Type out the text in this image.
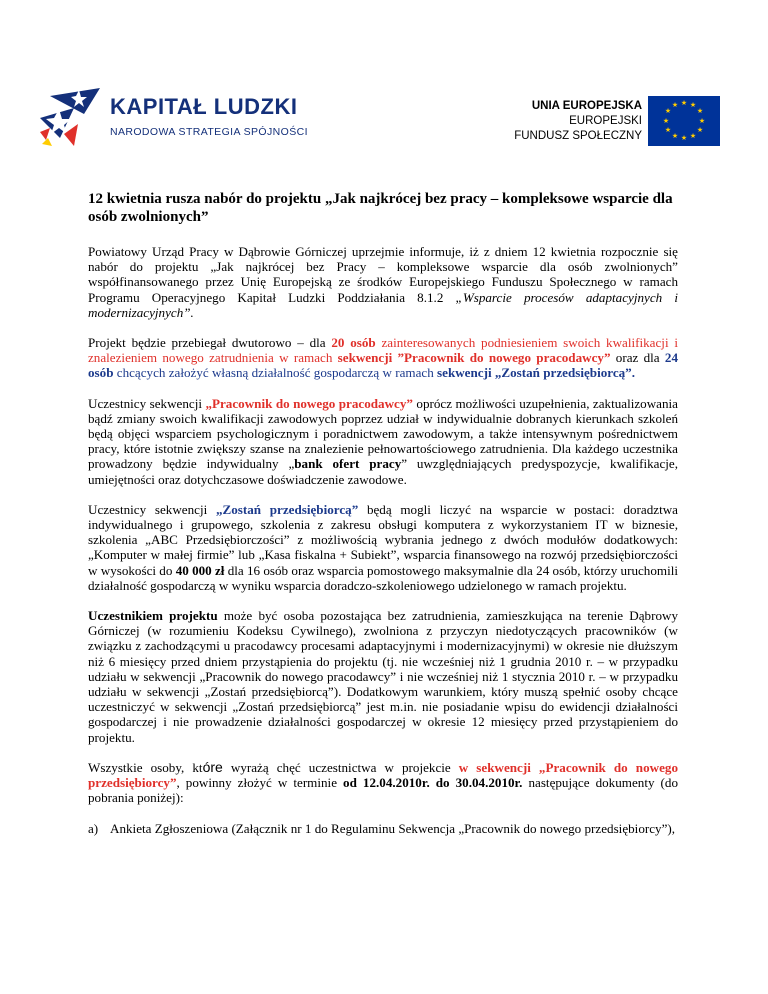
KAPITAŁ LUDZKI
NARODOWA STRATEGIA SPÓJNOŚCI
UNIA EUROPEJSKA
EUROPEJSKI
FUNDUSZ SPOŁECZNY
★ ★
★
★
★
★
★
★
★
★
★
★
12 kwietnia rusza nabór do projektu „Jak najkrócej bez pracy – kompleksowe wsparcie dla osób zwolnionych”

Powiatowy Urząd Pracy w Dąbrowie Górniczej uprzejmie informuje, iż z dniem 12 kwietnia rozpocznie się nabór do projektu „Jak najkrócej bez Pracy – kompleksowe wsparcie dla osób zwolnionych” współfinansowanego przez Unię Europejską ze środków Europejskiego Funduszu Społecznego w ramach Programu Operacyjnego Kapitał Ludzki Poddziałania 8.1.2 „Wsparcie procesów adaptacyjnych i modernizacyjnych”.

Projekt będzie przebiegał dwutorowo – dla 20 osób zainteresowanych podniesieniem swoich kwalifikacji i znalezieniem nowego zatrudnienia w ramach sekwencji ”Pracownik do nowego pracodawcy” oraz dla 24 osób chcących założyć własną działalność gospodarczą w ramach sekwencji „Zostań przedsiębiorcą”.

Uczestnicy sekwencji „Pracownik do nowego pracodawcy” oprócz możliwości uzupełnienia, zaktualizowania bądź zmiany swoich kwalifikacji zawodowych poprzez udział w indywidualnie dobranych kierunkach szkoleń będą objęci wsparciem psychologicznym i poradnictwem zawodowym, a także intensywnym pośrednictwem pracy, które istotnie zwiększy szanse na znalezienie pełnowartościowego zatrudnienia. Dla każdego uczestnika prowadzony będzie indywidualny „bank ofert pracy” uwzględniających predyspozycje, kwalifikacje, umiejętności oraz dotychczasowe doświadczenie zawodowe.

Uczestnicy sekwencji „Zostań przedsiębiorcą” będą mogli liczyć na wsparcie w postaci: doradztwa indywidualnego i grupowego, szkolenia z zakresu obsługi komputera z wykorzystaniem IT w biznesie, szkolenia „ABC Przedsiębiorczości” z możliwością wybrania jednego z dwóch modułów dodatkowych: „Komputer w małej firmie” lub „Kasa fiskalna + Subiekt”, wsparcia finansowego na rozwój przedsiębiorczości w wysokości do 40 000 zł dla 16 osób oraz wsparcia pomostowego maksymalnie dla 24 osób, którzy uruchomili działalność gospodarczą w wyniku wsparcia doradczo-szkoleniowego udzielonego w ramach projektu.

Uczestnikiem projektu może być osoba pozostająca bez zatrudnienia, zamieszkująca na terenie Dąbrowy Górniczej (w rozumieniu Kodeksu Cywilnego), zwolniona z przyczyn niedotyczących pracowników (w związku z zachodzącymi u pracodawcy procesami adaptacyjnymi i modernizacyjnymi) w okresie nie dłuższym niż 6 miesięcy przed dniem przystąpienia do projektu (tj. nie wcześniej niż 1 grudnia 2010 r. – w przypadku udziału w sekwencji „Pracownik do nowego pracodawcy” i nie wcześniej niż 1 stycznia 2010 r. – w przypadku udziału w sekwencji „Zostań przedsiębiorcą”). Dodatkowym warunkiem, który muszą spełnić osoby chcące uczestniczyć w sekwencji „Zostań przedsiębiorcą” jest m.in. nie posiadanie wpisu do ewidencji działalności gospodarczej i nie prowadzenie działalności gospodarczej w okresie 12 miesięcy przed przystąpieniem do projektu.

Wszystkie osoby, które wyrażą chęć uczestnictwa w projekcie w sekwencji „Pracownik do nowego przedsiębiorcy”, powinny złożyć w terminie od 12.04.2010r. do 30.04.2010r. następujące dokumenty (do pobrania poniżej):

a) Ankieta Zgłoszeniowa (Załącznik nr 1 do Regulaminu Sekwencja „Pracownik do nowego przedsiębiorcy”),
